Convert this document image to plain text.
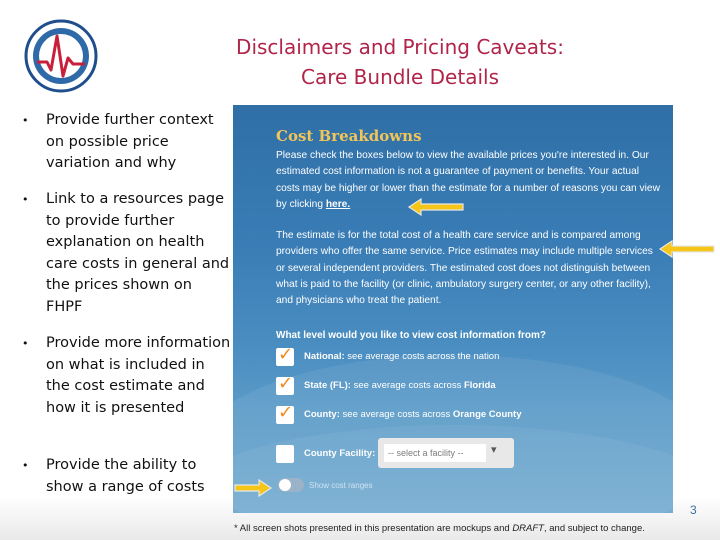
Disclaimers and Pricing Caveats:
Care Bundle Details
• Provide further context on possible price variation and why
• Link to a resources page to provide further explanation on health care costs in general and the prices shown on FHPF
• Provide more information on what is included in the cost estimate and how it is presented
• Provide the ability to show a range of costs
Cost Breakdowns
Please check the boxes below to view the available prices you're interested in. Our estimated cost information is not a guarantee of payment or benefits. Your actual costs may be higher or lower than the estimate for a number of reasons you can view by clicking here.
The estimate is for the total cost of a health care service and is compared among providers who offer the same service. Price estimates may include multiple services or several independent providers. The estimated cost does not distinguish between what is paid to the facility (or clinic, ambulatory surgery center, or any other facility), and physicians who treat the patient.
What level would you like to view cost information from?
✓ National: see average costs across the nation
✓ State (FL): see average costs across Florida
✓ County: see average costs across Orange County
County Facility:	-- select a facility --	▾
Show cost ranges
3
* All screen shots presented in this presentation are mockups and DRAFT, and subject to change.
